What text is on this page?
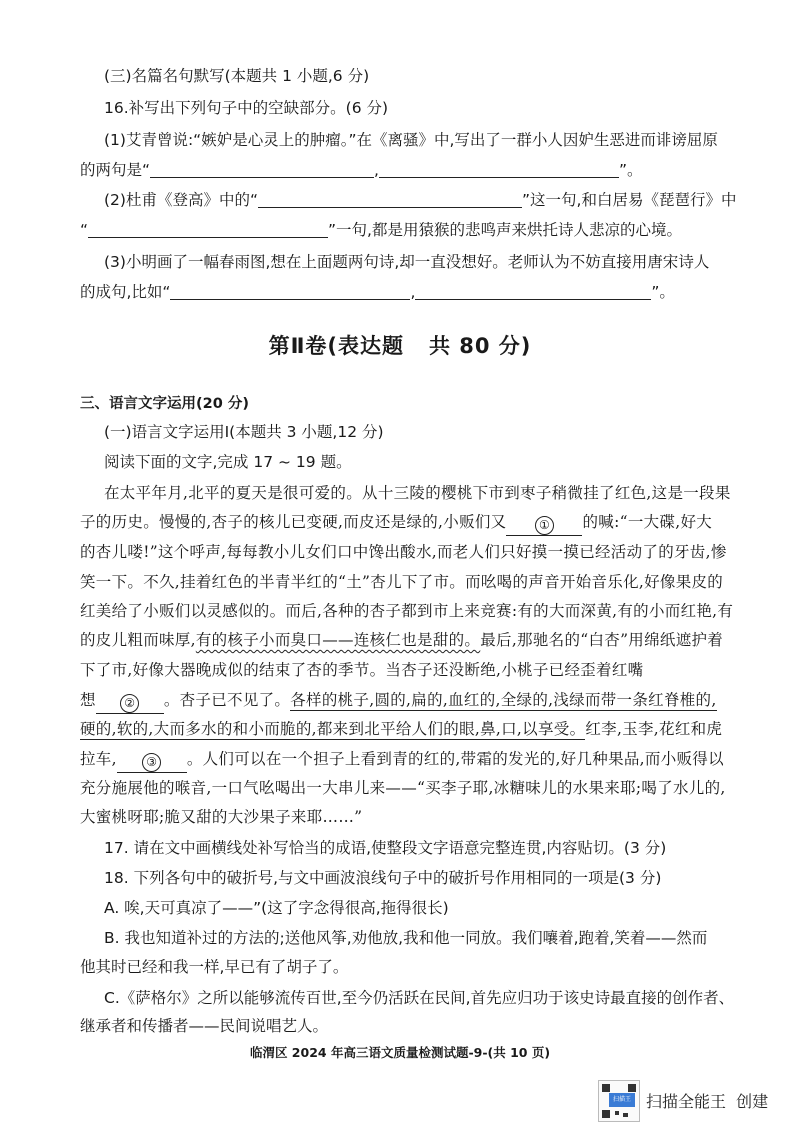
(三)名篇名句默写(本题共 1 小题,6 分)
16.补写出下列句子中的空缺部分。(6 分)
(1)艾青曾说:“嫉妒是心灵上的肿瘤。”在《离骚》中,写出了一群小人因妒生恶进而诽谤屈原
的两句是“	,	”。
(2)杜甫《登高》中的“	”这一句,和白居易《琵琶行》中
“	”一句,都是用猿猴的悲鸣声来烘托诗人悲凉的心境。
(3)小明画了一幅春雨图,想在上面题两句诗,却一直没想好。老师认为不妨直接用唐宋诗人
的成句,比如“	,	”。
第Ⅱ卷(表达题   共 80 分)
三、语言文字运用(20 分)
(一)语言文字运用Ⅰ(本题共 3 小题,12 分)
阅读下面的文字,完成 17 ~ 19 题。
在太平年月,北平的夏天是很可爱的。从十三陵的樱桃下市到枣子稍微挂了红色,这是一段果
子的历史。慢慢的,杏子的核儿已变硬,而皮还是绿的,小贩们又	① 的喊:“一大碟,好大
的杏儿喽!”这个呼声,每每教小儿女们口中馋出酸水,而老人们只好摸一摸已经活动了的牙齿,惨
笑一下。不久,挂着红色的半青半红的“土”杏儿下了市。而吆喝的声音开始音乐化,好像果皮的
红美给了小贩们以灵感似的。而后,各种的杏子都到市上来竞赛:有的大而深黄,有的小而红艳,有
的皮儿粗而味厚,有的核子小而臭口——连核仁也是甜的。最后,那驰名的“白杏”用绵纸遮护着
下了市,好像大器晚成似的结束了杏的季节。当杏子还没断绝,小桃子已经歪着红嘴
想 ② 。杏子已不见了。各样的桃子,圆的,扁的,血红的,全绿的,浅绿而带一条红脊椎的,
硬的,软的,大而多水的和小而脆的,都来到北平给人们的眼,鼻,口,以享受。红李,玉李,花红和虎
拉车, ③ 。人们可以在一个担子上看到青的红的,带霜的发光的,好几种果品,而小贩得以
充分施展他的喉音,一口气吆喝出一大串儿来——“买李子耶,冰糖味儿的水果来耶;喝了水儿的,
大蜜桃呀耶;脆又甜的大沙果子来耶……”
17. 请在文中画横线处补写恰当的成语,使整段文字语意完整连贯,内容贴切。(3 分)
18. 下列各句中的破折号,与文中画波浪线句子中的破折号作用相同的一项是(3 分)
A. 唉,天可真凉了——”(这了字念得很高,拖得很长)
B. 我也知道补过的方法的;送他风筝,劝他放,我和他一同放。我们嚷着,跑着,笑着——然而
他其时已经和我一样,早已有了胡子了。
C.《萨格尔》之所以能够流传百世,至今仍活跃在民间,首先应归功于该史诗最直接的创作者、
继承者和传播者——民间说唱艺人。
临渭区 2024 年高三语文质量检测试题-9-(共 10 页)
扫描王 扫描全能王  创建
